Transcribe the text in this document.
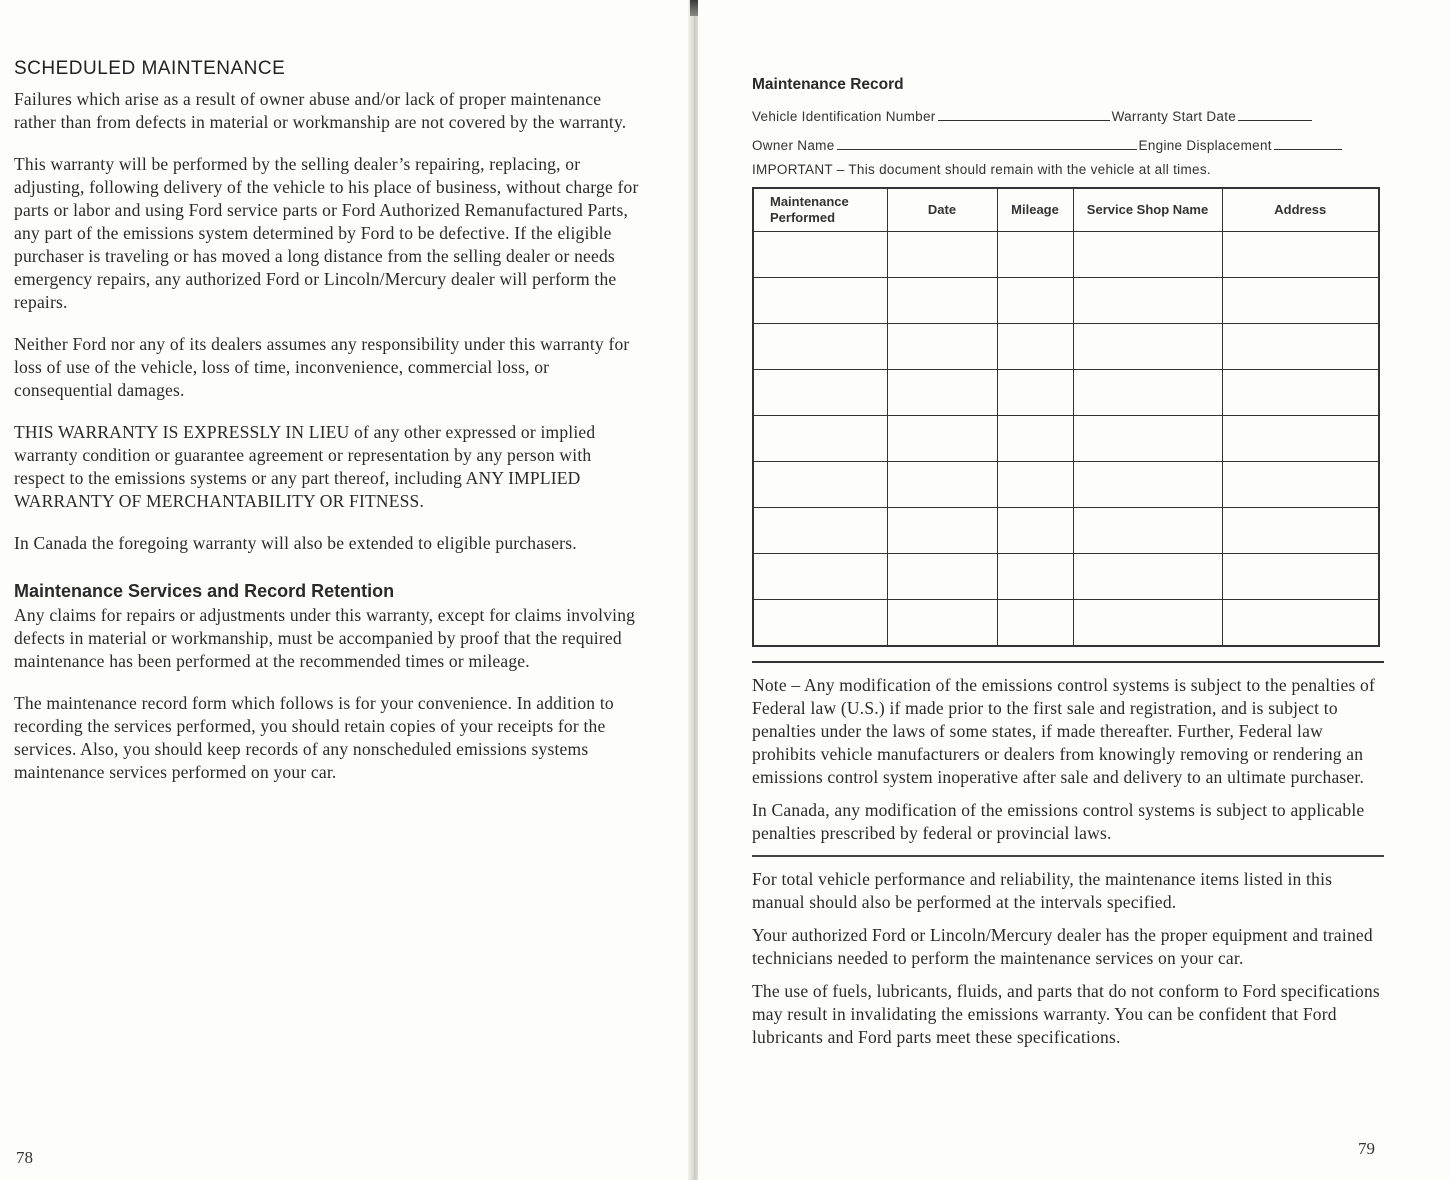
SCHEDULED MAINTENANCE

Failures which arise as a result of owner abuse and/or lack of proper maintenance rather than from defects in material or workmanship are not covered by the warranty.

This warranty will be performed by the selling dealer’s repairing, replacing, or adjusting, following delivery of the vehicle to his place of business, without charge for parts or labor and using Ford service parts or Ford Authorized Remanufactured Parts, any part of the emissions system determined by Ford to be defective. If the eligible purchaser is traveling or has moved a long distance from the selling dealer or needs emergency repairs, any authorized Ford or Lincoln/Mercury dealer will perform the repairs.

Neither Ford nor any of its dealers assumes any responsibility under this warranty for loss of use of the vehicle, loss of time, inconvenience, commercial loss, or consequential damages.

THIS WARRANTY IS EXPRESSLY IN LIEU of any other expressed or implied warranty condition or guarantee agreement or representation by any person with respect to the emissions systems or any part thereof, including ANY IMPLIED WARRANTY OF MERCHANTABILITY OR FITNESS.

In Canada the foregoing warranty will also be extended to eligible purchasers.

Maintenance Services and Record Retention

Any claims for repairs or adjustments under this warranty, except for claims involving defects in material or workmanship, must be accompanied by proof that the required maintenance has been performed at the recommended times or mileage.

The maintenance record form which follows is for your convenience. In addition to recording the services performed, you should retain copies of your receipts for the services. Also, you should keep records of any nonscheduled emissions systems maintenance services performed on your car.

78
Maintenance Record
Vehicle Identification Number	Warranty Start Date
Owner Name	Engine Displacement
IMPORTANT – This document should remain with the vehicle at all times.
Maintenance Performed	Date	Mileage	Service Shop Name	Address

Note – Any modification of the emissions control systems is subject to the penalties of Federal law (U.S.) if made prior to the first sale and registration, and is subject to penalties under the laws of some states, if made thereafter. Further, Federal law prohibits vehicle manufacturers or dealers from knowingly removing or rendering an emissions control system inoperative after sale and delivery to an ultimate purchaser.

In Canada, any modification of the emissions control systems is subject to applicable penalties prescribed by federal or provincial laws.

For total vehicle performance and reliability, the maintenance items listed in this manual should also be performed at the intervals specified.

Your authorized Ford or Lincoln/Mercury dealer has the proper equipment and trained technicians needed to perform the maintenance services on your car.

The use of fuels, lubricants, fluids, and parts that do not conform to Ford specifications may result in invalidating the emissions warranty. You can be confident that Ford lubricants and Ford parts meet these specifications.

79
